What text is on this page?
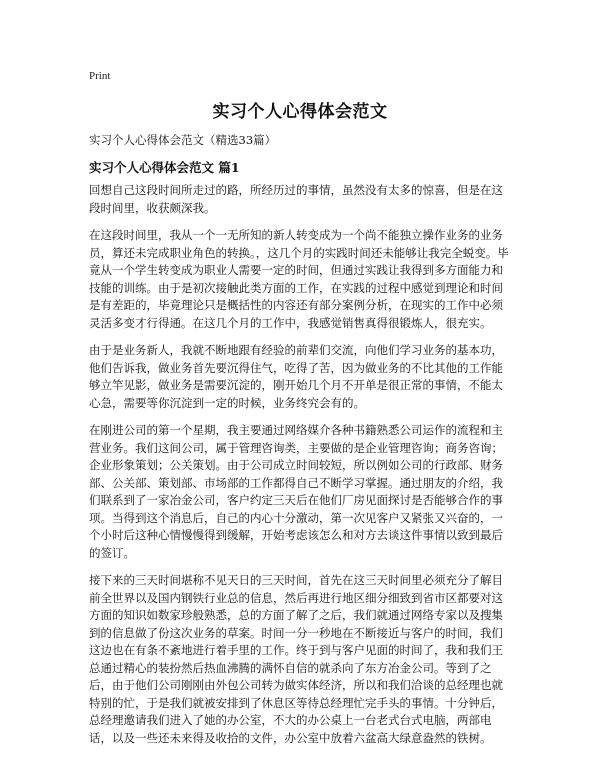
Print
实习个人心得体会范文
实习个人心得体会范文（精选33篇）
实习个人心得体会范文 篇1

回想自己这段时间所走过的路，所经历过的事情，虽然没有太多的惊喜，但是在这段时间里，收获颇深我。

在这段时间里，我从一个一无所知的新人转变成为一个尚不能独立操作业务的业务员，算还未完成职业角色的转换。，这几个月的实践时间还未能够让我完全蜕变。毕竟从一个学生转变成为职业人需要一定的时间，但通过实践让我得到多方面能力和技能的训练。由于是初次接触此类方面的工作，在实践的过程中感觉到理论和时间是有差距的，毕竟理论只是概括性的内容还有部分案例分析，在现实的工作中必须灵活多变才行得通。在这几个月的工作中，我感觉销售真得很锻炼人，很充实。

由于是业务新人，我就不断地跟有经验的前辈们交流，向他们学习业务的基本功，他们告诉我，做业务首先要沉得住气，吃得了苦，因为做业务的不比其他的工作能够立竿见影，做业务是需要沉淀的，刚开始几个月不开单是很正常的事情，不能太心急，需要等你沉淀到一定的时候，业务终究会有的。

在刚进公司的第一个星期，我主要通过网络媒介各种书籍熟悉公司运作的流程和主营业务。我们这间公司，属于管理咨询类，主要做的是企业管理咨询；商务咨询；企业形象策划；公关策划。由于公司成立时间较短，所以例如公司的行政部、财务部、公关部、策划部、市场部的工作都得自己不断学习掌握。通过朋友的介绍，我们联系到了一家冶金公司，客户约定三天后在他们厂房见面探讨是否能够合作的事项。当得到这个消息后，自己的内心十分激动，第一次见客户又紧张又兴奋的，一个小时后这种心情慢慢得到缓解，开始考虑该怎么和对方去谈这件事情以致到最后的签订。

接下来的三天时间堪称不见天日的三天时间，首先在这三天时间里必须充分了解目前全世界以及国内钢铁行业总的信息，然后再进行地区细分细致到省市区都要对这方面的知识如数家珍般熟悉，总的方面了解了之后，我们就通过网络专家以及搜集到的信息做了份这次业务的草案。时间一分一秒地在不断接近与客户的时间，我们这边也在有条不紊地进行着手里的工作。终于到与客户见面的时间了，我和我们王总通过精心的装扮然后热血沸腾的满怀自信的就杀向了东方冶金公司。等到了之后，由于他们公司刚刚由外包公司转为做实体经济，所以和我们洽谈的总经理也就特别的忙，于是我们就被安排到了休息区等待总经理忙完手头的事情。十分钟后，总经理邀请我们进入了她的办公室，不大的办公桌上一台老式台式电脑，两部电话，以及一些还未来得及收拾的文件，办公室中放着六盆高大绿意盎然的铁树。
